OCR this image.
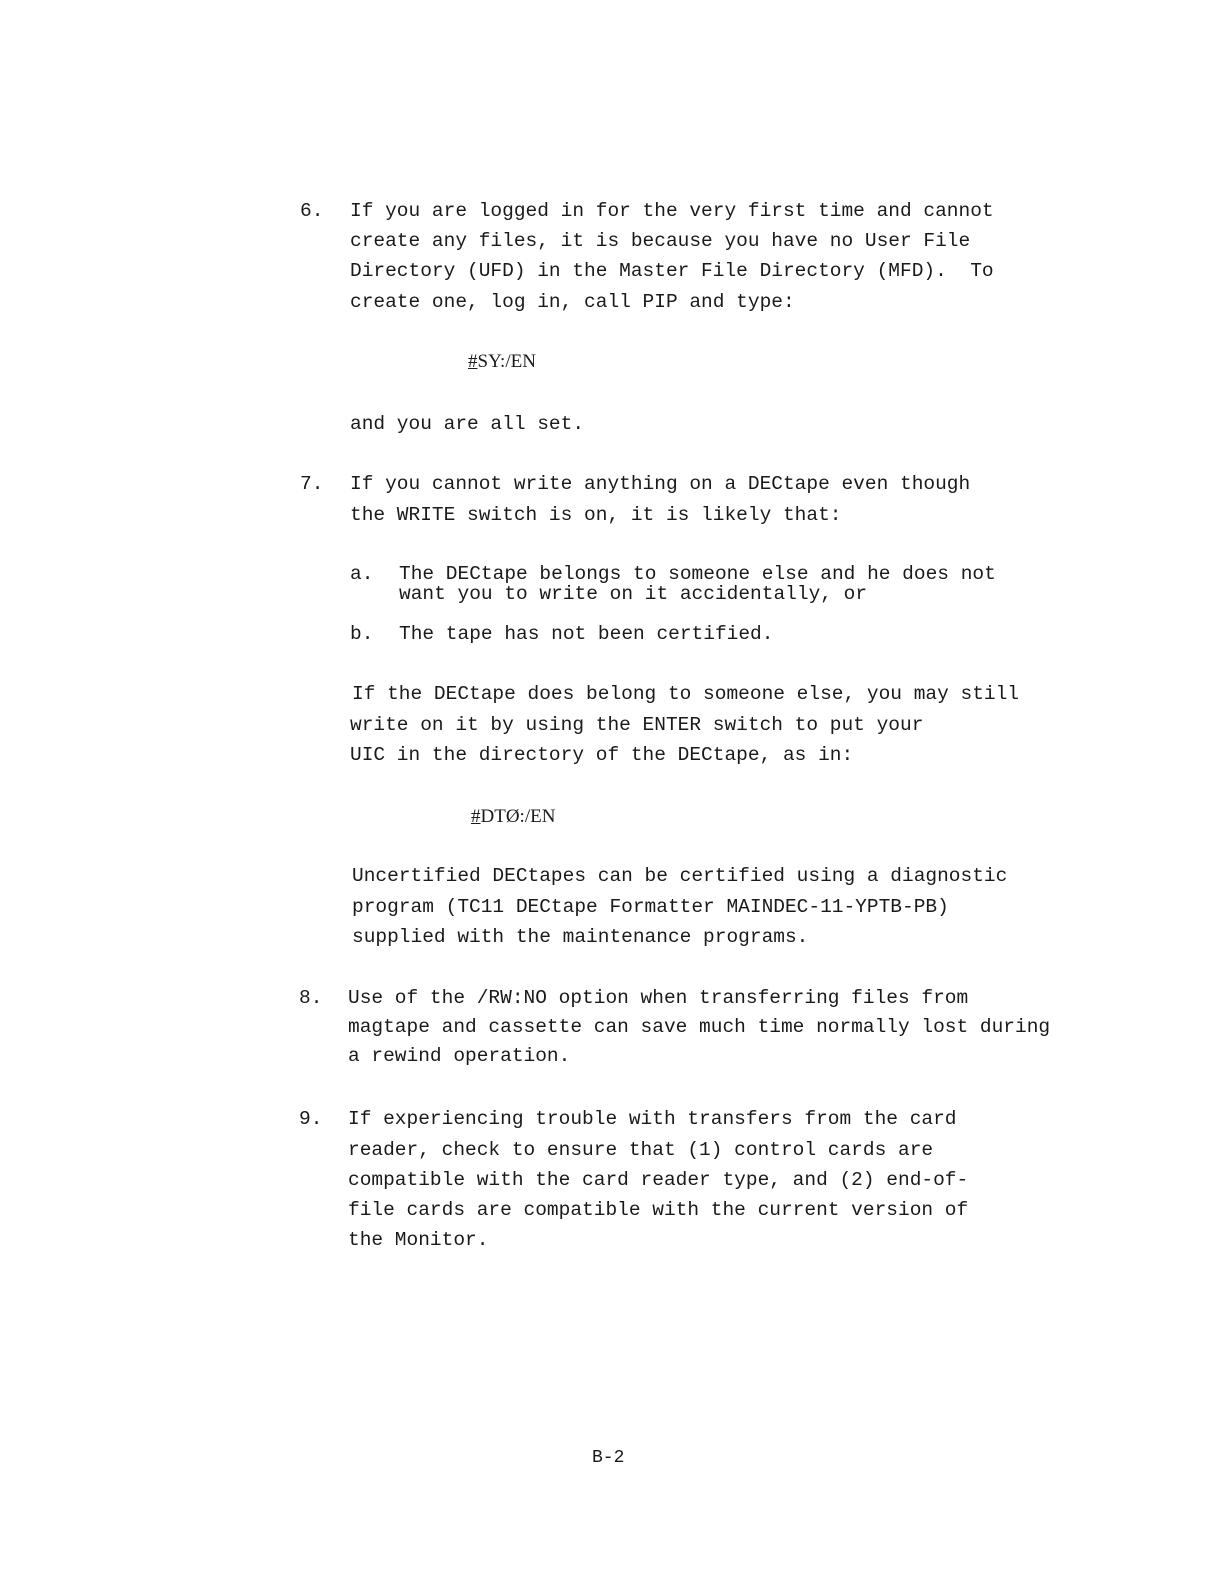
6. If you are logged in for the very first time and cannot
create any files, it is because you have no User File
Directory (UFD) in the Master File Directory (MFD).  To
create one, log in, call PIP and type:
#SY:/EN
and you are all set.
7. If you cannot write anything on a DECtape even though
the WRITE switch is on, it is likely that:
a. The DECtape belongs to someone else and he does not
want you to write on it accidentally, or
b. The tape has not been certified.
If the DECtape does belong to someone else, you may still
write on it by using the ENTER switch to put your
UIC in the directory of the DECtape, as in:
#DTØ:/EN
Uncertified DECtapes can be certified using a diagnostic
program (TC11 DECtape Formatter MAINDEC-11-YPTB-PB)
supplied with the maintenance programs.
8. Use of the /RW:NO option when transferring files from
magtape and cassette can save much time normally lost during
a rewind operation.
9. If experiencing trouble with transfers from the card
reader, check to ensure that (1) control cards are
compatible with the card reader type, and (2) end-of-
file cards are compatible with the current version of
the Monitor.
B-2
